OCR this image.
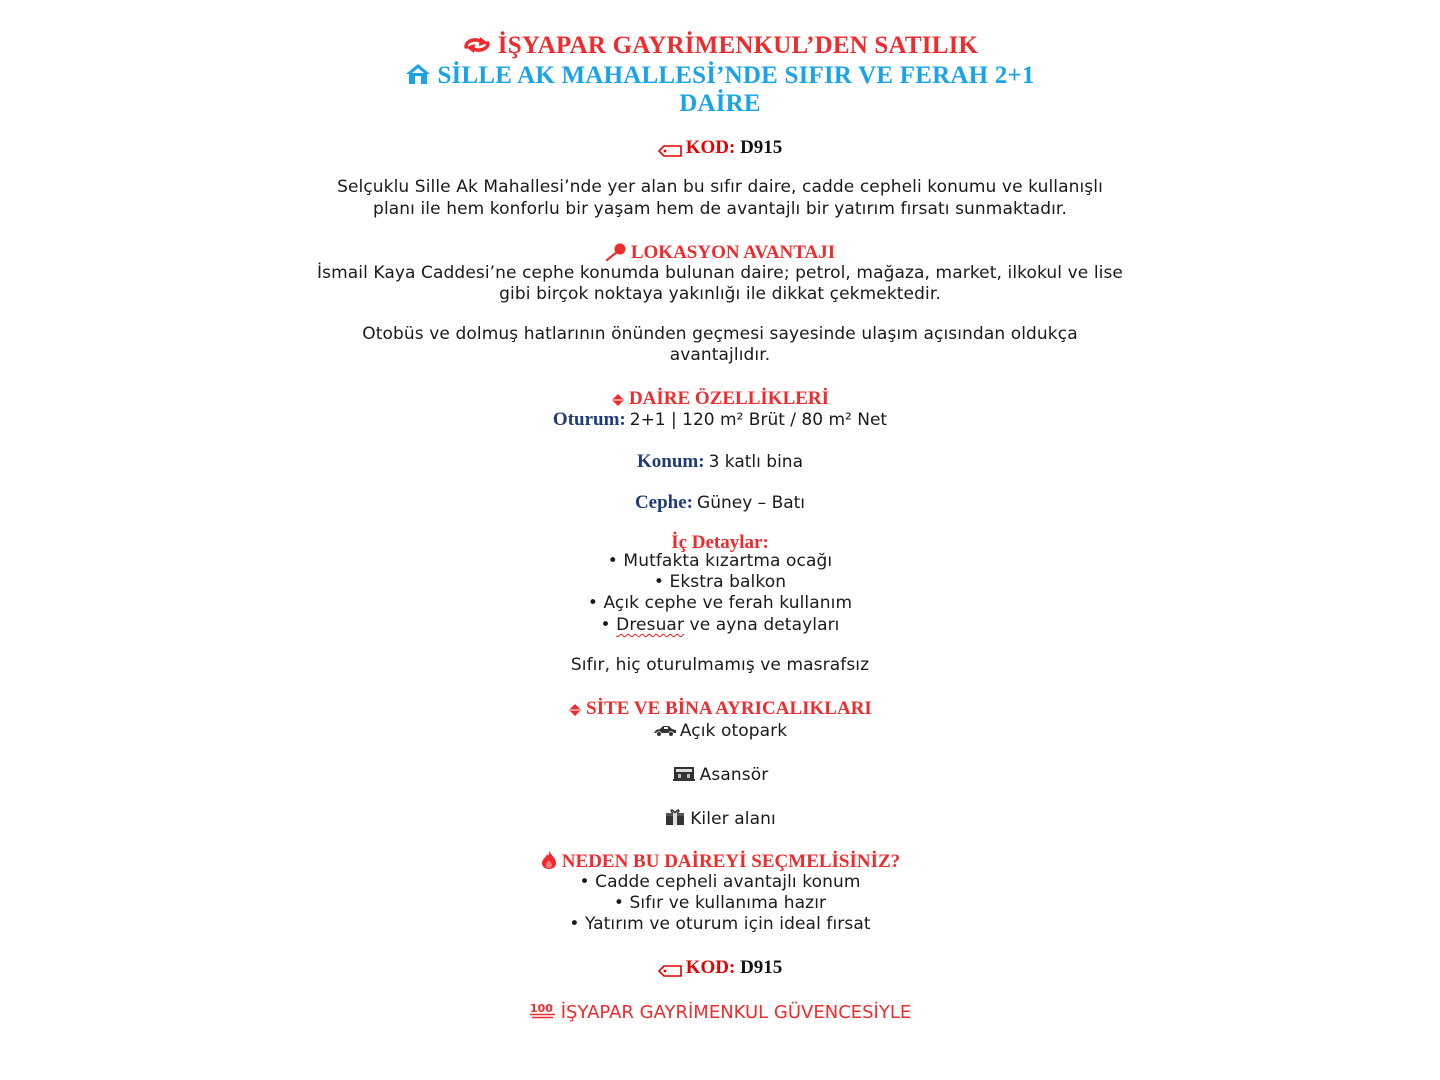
İŞYAPAR GAYRİMENKUL’DEN SATILIK
SİLLE AK MAHALLESİ’NDE SIFIR VE FERAH 2+1
DAİRE
KOD: D915
Selçuklu Sille Ak Mahallesi’nde yer alan bu sıfır daire, cadde cepheli konumu ve kullanışlı
planı ile hem konforlu bir yaşam hem de avantajlı bir yatırım fırsatı sunmaktadır.
LOKASYON AVANTAJI
İsmail Kaya Caddesi’ne cephe konumda bulunan daire; petrol, mağaza, market, ilkokul ve lise
gibi birçok noktaya yakınlığı ile dikkat çekmektedir.
Otobüs ve dolmuş hatlarının önünden geçmesi sayesinde ulaşım açısından oldukça
avantajlıdır.
DAİRE ÖZELLİKLERİ
Oturum: 2+1 | 120 m² Brüt / 80 m² Net
Konum: 3 katlı bina
Cephe: Güney – Batı
İç Detaylar:
• Mutfakta kızartma ocağı
• Ekstra balkon
• Açık cephe ve ferah kullanım
• Dresuar ve ayna detayları
Sıfır, hiç oturulmamış ve masrafsız
SİTE VE BİNA AYRICALIKLARI
Açık otopark
Asansör
Kiler alanı
NEDEN BU DAİREYİ SEÇMELİSİNİZ?
• Cadde cepheli avantajlı konum
• Sıfır ve kullanıma hazır
• Yatırım ve oturum için ideal fırsat
KOD: D915
100 İŞYAPAR GAYRİMENKUL GÜVENCESİYLE
